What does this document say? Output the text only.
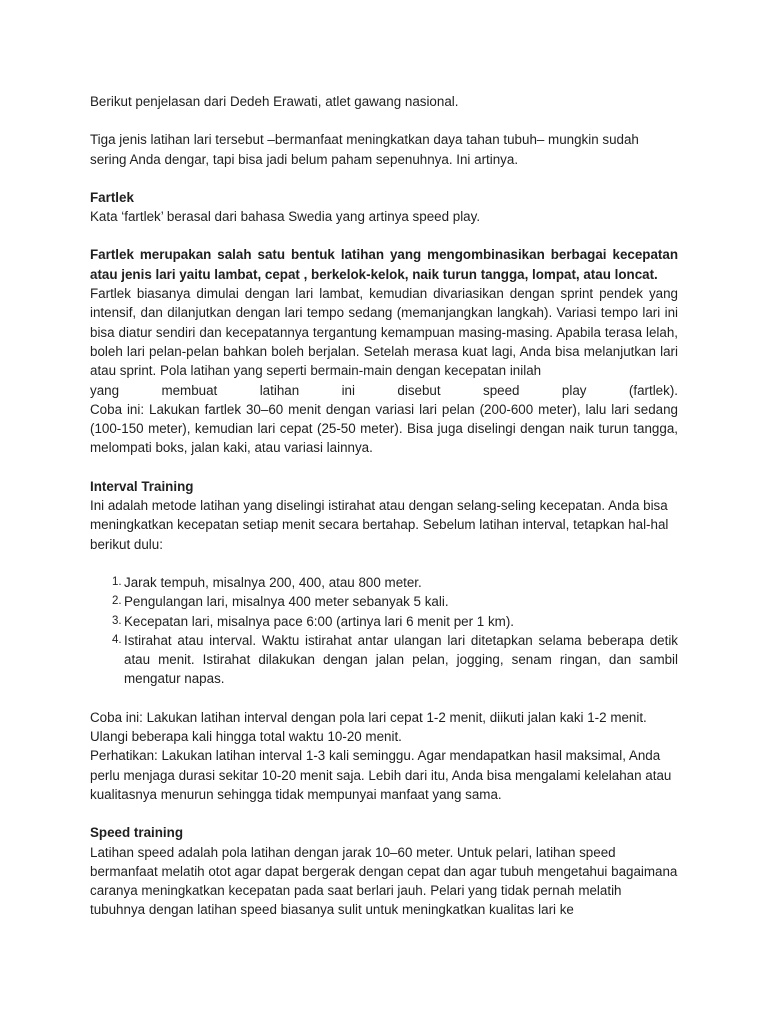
Berikut penjelasan dari Dedeh Erawati, atlet gawang nasional.

Tiga jenis latihan lari tersebut –bermanfaat meningkatkan daya tahan tubuh– mungkin sudah sering Anda dengar, tapi bisa jadi belum paham sepenuhnya. Ini artinya.

Fartlek

Kata ‘fartlek’ berasal dari bahasa Swedia yang artinya speed play.

Fartlek merupakan salah satu bentuk latihan yang mengombinasikan berbagai kecepatan atau jenis lari yaitu lambat, cepat , berkelok-kelok, naik turun tangga, lompat, atau loncat.

Fartlek biasanya dimulai dengan lari lambat, kemudian divariasikan dengan sprint pendek yang intensif, dan dilanjutkan dengan lari tempo sedang (memanjangkan langkah). Variasi tempo lari ini bisa diatur sendiri dan kecepatannya tergantung kemampuan masing-masing. Apabila terasa lelah, boleh lari pelan-pelan bahkan boleh berjalan. Setelah merasa kuat lagi, Anda bisa melanjutkan lari atau sprint. Pola latihan yang seperti bermain-main dengan kecepatan inilah

yang membuat latihan ini disebut speed play (fartlek).

Coba ini: Lakukan fartlek 30–60 menit dengan variasi lari pelan (200-600 meter), lalu lari sedang (100-150 meter), kemudian lari cepat (25-50 meter). Bisa juga diselingi dengan naik turun tangga, melompati boks, jalan kaki, atau variasi lainnya.

Interval Training

Ini adalah metode latihan yang diselingi istirahat atau dengan selang-seling kecepatan. Anda bisa meningkatkan kecepatan setiap menit secara bertahap. Sebelum latihan interval, tetapkan hal-hal berikut dulu:

1. Jarak tempuh, misalnya 200, 400, atau 800 meter.
2. Pengulangan lari, misalnya 400 meter sebanyak 5 kali.
3. Kecepatan lari, misalnya pace 6:00 (artinya lari 6 menit per 1 km).
4. Istirahat atau interval. Waktu istirahat antar ulangan lari ditetapkan selama beberapa detik atau menit. Istirahat dilakukan dengan jalan pelan, jogging, senam ringan, dan sambil mengatur napas.

Coba ini: Lakukan latihan interval dengan pola lari cepat 1-2 menit, diikuti jalan kaki 1-2 menit. Ulangi beberapa kali hingga total waktu 10-20 menit.

Perhatikan: Lakukan latihan interval 1-3 kali seminggu. Agar mendapatkan hasil maksimal, Anda perlu menjaga durasi sekitar 10-20 menit saja. Lebih dari itu, Anda bisa mengalami kelelahan atau kualitasnya menurun sehingga tidak mempunyai manfaat yang sama.

Speed training

Latihan speed adalah pola latihan dengan jarak 10–60 meter. Untuk pelari, latihan speed bermanfaat melatih otot agar dapat bergerak dengan cepat dan agar tubuh mengetahui bagaimana caranya meningkatkan kecepatan pada saat berlari jauh. Pelari yang tidak pernah melatih tubuhnya dengan latihan speed biasanya sulit untuk meningkatkan kualitas lari ke
